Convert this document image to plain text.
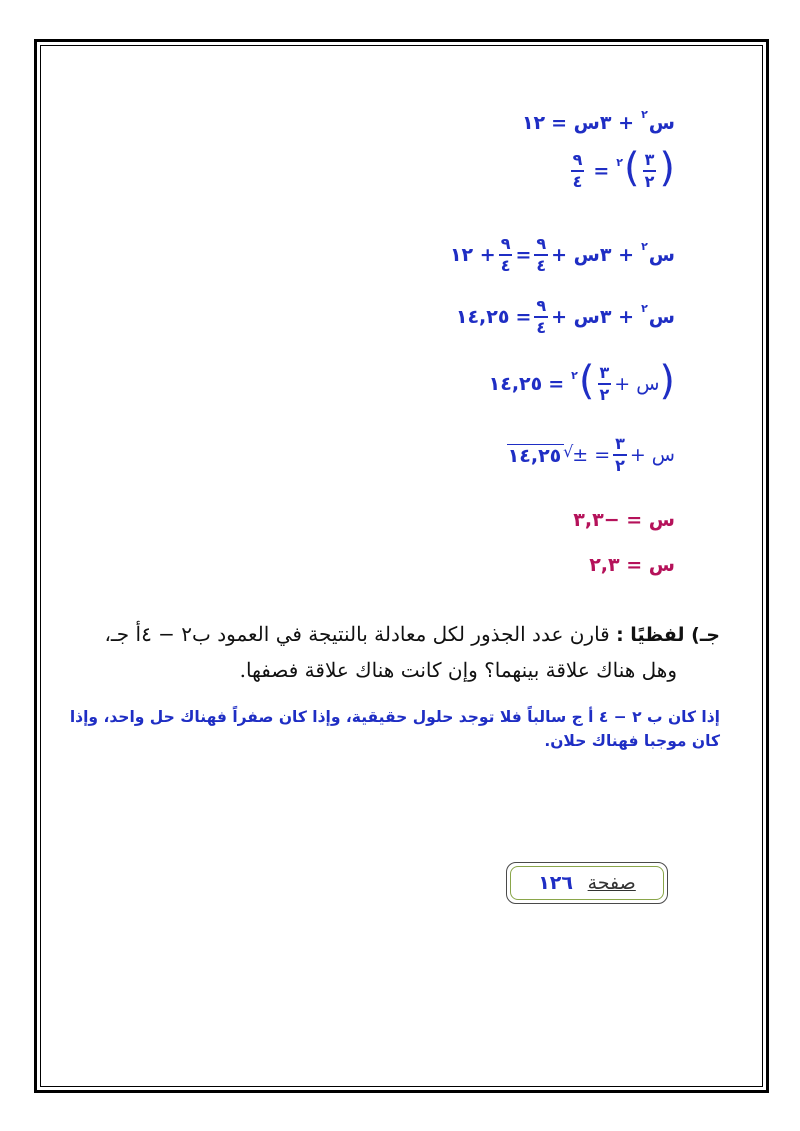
س
٢
+ ٣س =
١٢
(
$\frac{٣}{٢}$
)
٢
=
$\frac{٩}{٤}$
س
٢
+ ٣س +
$\frac{٩}{٤}$
=
$\frac{٩}{٤}$
+ ١٢
س
٢
+ ٣س +
$\frac{٩}{٤}$
=
١٤,٢٥
(
س
+
$\frac{٣}{٢}$
)
٢
=
١٤,٢٥
س
+
$\frac{٣}{٢}$
=
±
√
١٤,٢٥
س = −٣,٣
س = ٢,٣
جـ) لفظيًا : قارن عدد الجذور لكل معادلة بالنتيجة في العمود ب٢ − ٤أ جـ،
وهل هناك علاقة بينهما؟ وإن كانت هناك علاقة فصفها.
إذا كان ب ٢ − ٤ أ ج سالباً فلا توجد حلول حقيقية، وإذا كان صفراً فهناك حل واحد، وإذا كان موجبا فهناك حلان.
صفحة ١٢٦
